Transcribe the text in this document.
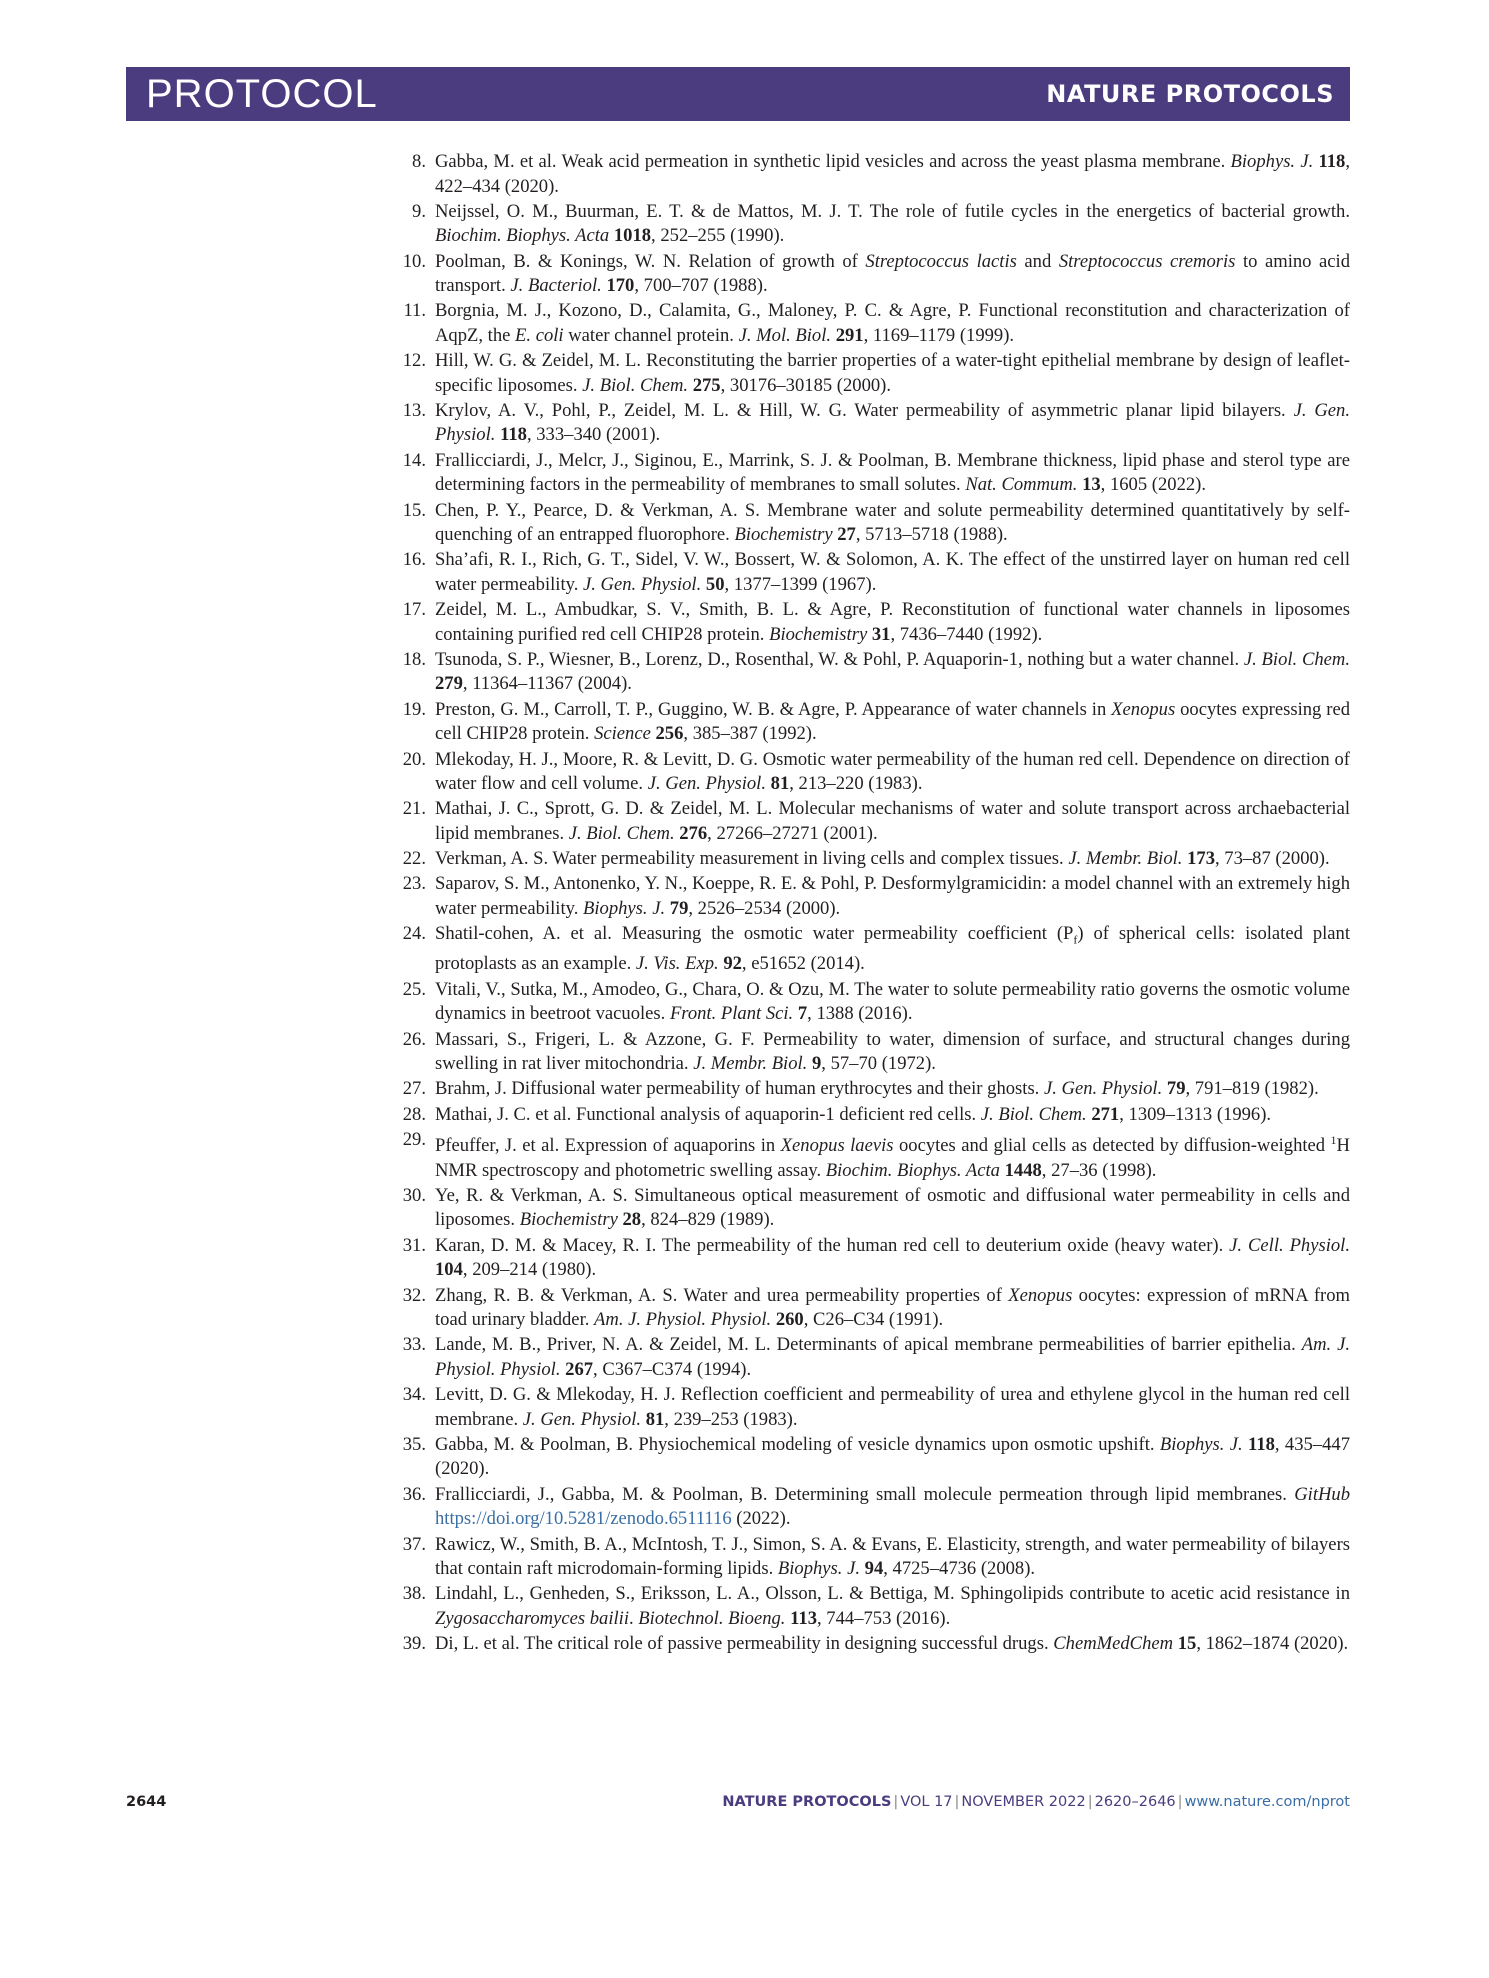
PROTOCOL	NATURE PROTOCOLS
8. Gabba, M. et al. Weak acid permeation in synthetic lipid vesicles and across the yeast plasma membrane. Biophys. J. 118, 422–434 (2020).
9. Neijssel, O. M., Buurman, E. T. & de Mattos, M. J. T. The role of futile cycles in the energetics of bacterial growth. Biochim. Biophys. Acta 1018, 252–255 (1990).
10. Poolman, B. & Konings, W. N. Relation of growth of Streptococcus lactis and Streptococcus cremoris to amino acid transport. J. Bacteriol. 170, 700–707 (1988).
11. Borgnia, M. J., Kozono, D., Calamita, G., Maloney, P. C. & Agre, P. Functional reconstitution and characterization of AqpZ, the E. coli water channel protein. J. Mol. Biol. 291, 1169–1179 (1999).
12. Hill, W. G. & Zeidel, M. L. Reconstituting the barrier properties of a water-tight epithelial membrane by design of leaflet-specific liposomes. J. Biol. Chem. 275, 30176–30185 (2000).
13. Krylov, A. V., Pohl, P., Zeidel, M. L. & Hill, W. G. Water permeability of asymmetric planar lipid bilayers. J. Gen. Physiol. 118, 333–340 (2001).
14. Frallicciardi, J., Melcr, J., Siginou, E., Marrink, S. J. & Poolman, B. Membrane thickness, lipid phase and sterol type are determining factors in the permeability of membranes to small solutes. Nat. Commum. 13, 1605 (2022).
15. Chen, P. Y., Pearce, D. & Verkman, A. S. Membrane water and solute permeability determined quantitatively by self-quenching of an entrapped fluorophore. Biochemistry 27, 5713–5718 (1988).
16. Sha’afi, R. I., Rich, G. T., Sidel, V. W., Bossert, W. & Solomon, A. K. The effect of the unstirred layer on human red cell water permeability. J. Gen. Physiol. 50, 1377–1399 (1967).
17. Zeidel, M. L., Ambudkar, S. V., Smith, B. L. & Agre, P. Reconstitution of functional water channels in liposomes containing purified red cell CHIP28 protein. Biochemistry 31, 7436–7440 (1992).
18. Tsunoda, S. P., Wiesner, B., Lorenz, D., Rosenthal, W. & Pohl, P. Aquaporin-1, nothing but a water channel. J. Biol. Chem. 279, 11364–11367 (2004).
19. Preston, G. M., Carroll, T. P., Guggino, W. B. & Agre, P. Appearance of water channels in Xenopus oocytes expressing red cell CHIP28 protein. Science 256, 385–387 (1992).
20. Mlekoday, H. J., Moore, R. & Levitt, D. G. Osmotic water permeability of the human red cell. Dependence on direction of water flow and cell volume. J. Gen. Physiol. 81, 213–220 (1983).
21. Mathai, J. C., Sprott, G. D. & Zeidel, M. L. Molecular mechanisms of water and solute transport across archaebacterial lipid membranes. J. Biol. Chem. 276, 27266–27271 (2001).
22. Verkman, A. S. Water permeability measurement in living cells and complex tissues. J. Membr. Biol. 173, 73–87 (2000).
23. Saparov, S. M., Antonenko, Y. N., Koeppe, R. E. & Pohl, P. Desformylgramicidin: a model channel with an extremely high water permeability. Biophys. J. 79, 2526–2534 (2000).
24. Shatil-cohen, A. et al. Measuring the osmotic water permeability coefficient $(P_f)$ of spherical cells: isolated plant protoplasts as an example. J. Vis. Exp. 92, e51652 (2014).
25. Vitali, V., Sutka, M., Amodeo, G., Chara, O. & Ozu, M. The water to solute permeability ratio governs the osmotic volume dynamics in beetroot vacuoles. Front. Plant Sci. 7, 1388 (2016).
26. Massari, S., Frigeri, L. & Azzone, G. F. Permeability to water, dimension of surface, and structural changes during swelling in rat liver mitochondria. J. Membr. Biol. 9, 57–70 (1972).
27. Brahm, J. Diffusional water permeability of human erythrocytes and their ghosts. J. Gen. Physiol. 79, 791–819 (1982).
28. Mathai, J. C. et al. Functional analysis of aquaporin-1 deficient red cells. J. Biol. Chem. 271, 1309–1313 (1996).
29. Pfeuffer, J. et al. Expression of aquaporins in Xenopus laevis oocytes and glial cells as detected by diffusion-weighted $^1$H NMR spectroscopy and photometric swelling assay. Biochim. Biophys. Acta 1448, 27–36 (1998).
30. Ye, R. & Verkman, A. S. Simultaneous optical measurement of osmotic and diffusional water permeability in cells and liposomes. Biochemistry 28, 824–829 (1989).
31. Karan, D. M. & Macey, R. I. The permeability of the human red cell to deuterium oxide (heavy water). J. Cell. Physiol. 104, 209–214 (1980).
32. Zhang, R. B. & Verkman, A. S. Water and urea permeability properties of Xenopus oocytes: expression of mRNA from toad urinary bladder. Am. J. Physiol. Physiol. 260, C26–C34 (1991).
33. Lande, M. B., Priver, N. A. & Zeidel, M. L. Determinants of apical membrane permeabilities of barrier epithelia. Am. J. Physiol. Physiol. 267, C367–C374 (1994).
34. Levitt, D. G. & Mlekoday, H. J. Reflection coefficient and permeability of urea and ethylene glycol in the human red cell membrane. J. Gen. Physiol. 81, 239–253 (1983).
35. Gabba, M. & Poolman, B. Physiochemical modeling of vesicle dynamics upon osmotic upshift. Biophys. J. 118, 435–447 (2020).
36. Frallicciardi, J., Gabba, M. & Poolman, B. Determining small molecule permeation through lipid membranes. GitHub https://doi.org/10.5281/zenodo.6511116 (2022).
37. Rawicz, W., Smith, B. A., McIntosh, T. J., Simon, S. A. & Evans, E. Elasticity, strength, and water permeability of bilayers that contain raft microdomain-forming lipids. Biophys. J. 94, 4725–4736 (2008).
38. Lindahl, L., Genheden, S., Eriksson, L. A., Olsson, L. & Bettiga, M. Sphingolipids contribute to acetic acid resistance in Zygosaccharomyces bailii. Biotechnol. Bioeng. 113, 744–753 (2016).
39. Di, L. et al. The critical role of passive permeability in designing successful drugs. ChemMedChem 15, 1862–1874 (2020).
2644	NATURE PROTOCOLS | VOL 17 | NOVEMBER 2022 | 2620–2646 | www.nature.com/nprot
